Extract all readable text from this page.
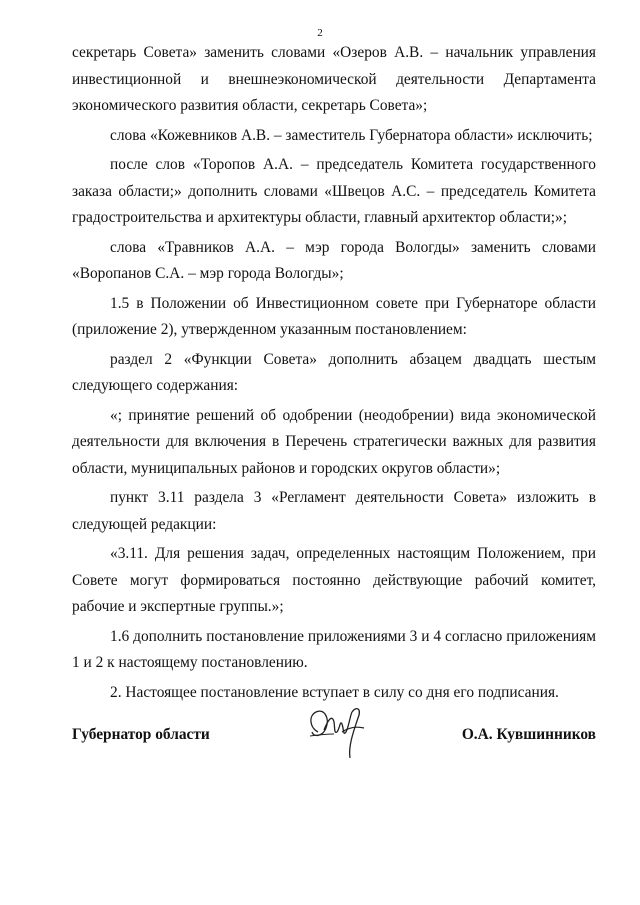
2

секретарь Совета» заменить словами «Озеров А.В. – начальник управления инвестиционной и внешнеэкономической деятельности Департамента экономического развития области, секретарь Совета»;

слова «Кожевников А.В. – заместитель Губернатора области» исключить;

после слов «Торопов А.А. – председатель Комитета государственного заказа области;» дополнить словами «Швецов А.С. – председатель Комитета градостроительства и архитектуры области, главный архитектор области;»;

слова «Травников А.А. – мэр города Вологды» заменить словами «Воропанов С.А. – мэр города Вологды»;

1.5 в Положении об Инвестиционном совете при Губернаторе области (приложение 2), утвержденном указанным постановлением:

раздел 2 «Функции Совета» дополнить абзацем двадцать шестым следующего содержания:

«; принятие решений об одобрении (неодобрении) вида экономической деятельности для включения в Перечень стратегически важных для развития области, муниципальных районов и городских округов области»;

пункт 3.11 раздела 3 «Регламент деятельности Совета» изложить в следующей редакции:

«3.11. Для решения задач, определенных настоящим Положением, при Совете могут формироваться постоянно действующие рабочий комитет, рабочие и экспертные группы.»;

1.6 дополнить постановление приложениями 3 и 4 согласно приложениям 1 и 2 к настоящему постановлению.

2. Настоящее постановление вступает в силу со дня его подписания.

Губернатор области	О.А. Кувшинников
